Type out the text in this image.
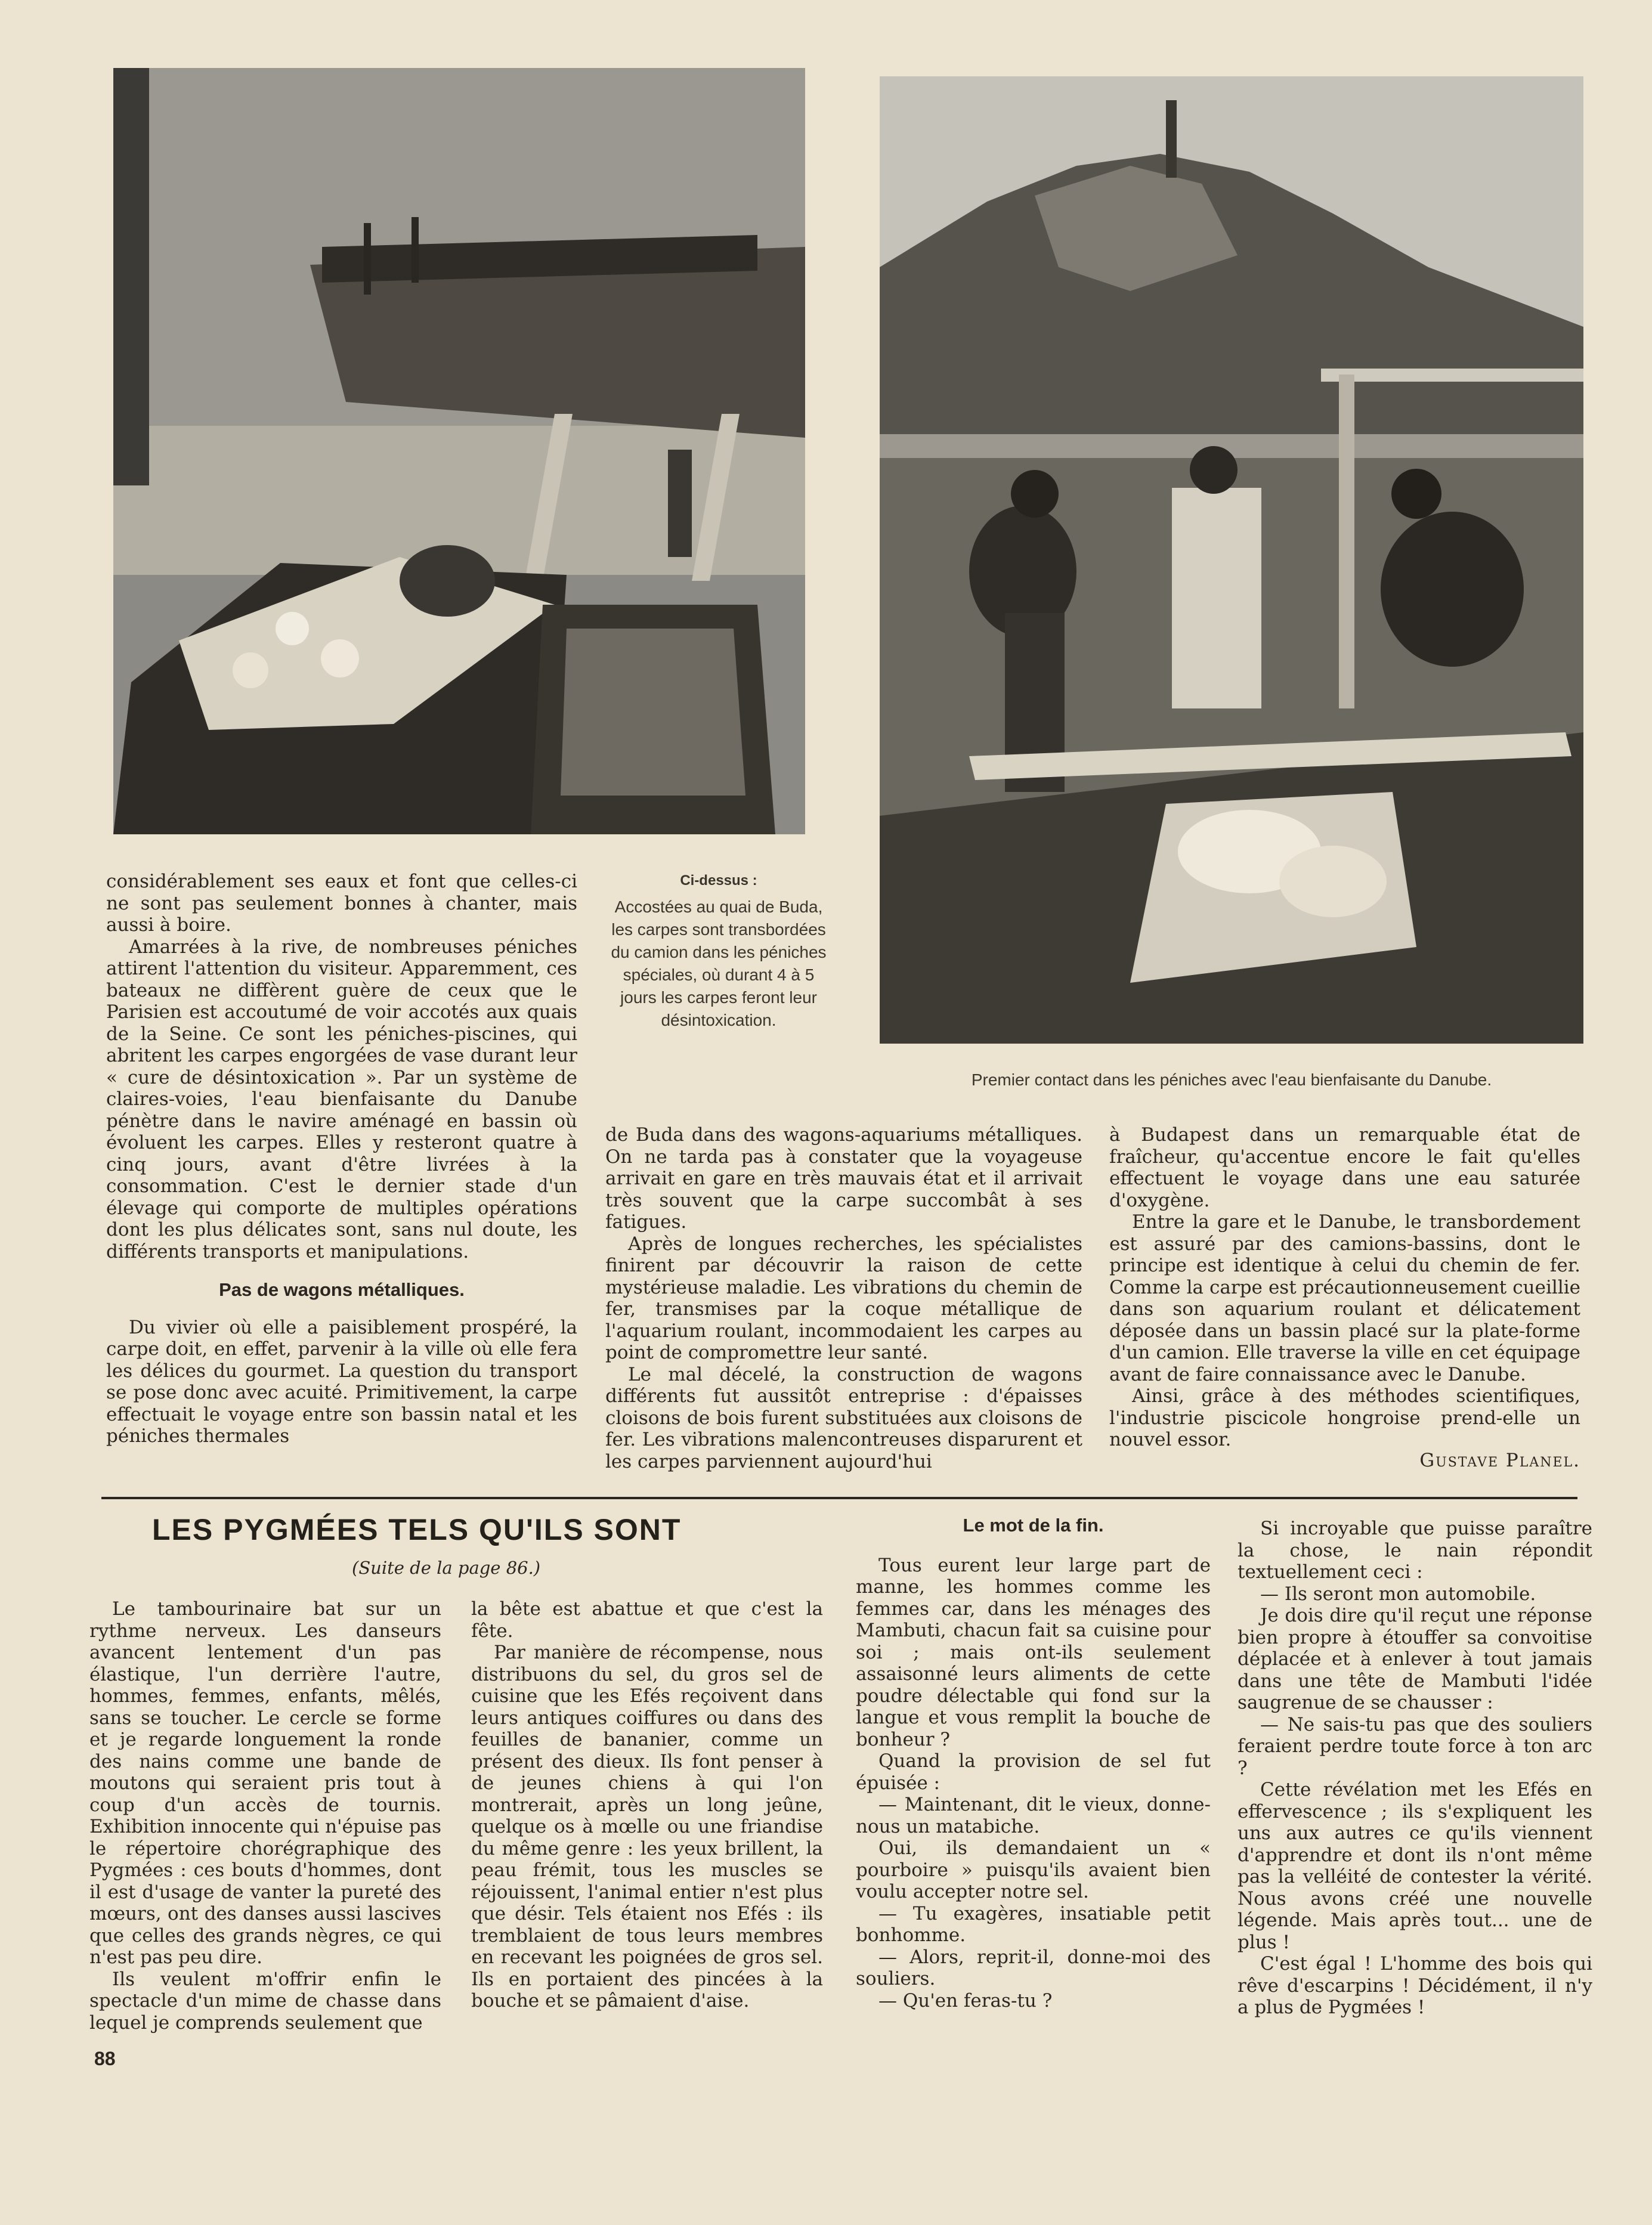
Ci-dessus :
Accostées au quai de Buda, les carpes sont transbordées du camion dans les péniches spéciales, où durant 4 à 5 jours les carpes feront leur désintoxication.
Premier contact dans les péniches avec l'eau bienfaisante du Danube.

considérablement ses eaux et font que celles-ci ne sont pas seulement bonnes à chanter, mais aussi à boire.

Amarrées à la rive, de nombreuses péniches attirent l'attention du visiteur. Apparemment, ces bateaux ne diffèrent guère de ceux que le Parisien est accoutumé de voir accotés aux quais de la Seine. Ce sont les péniches-piscines, qui abritent les carpes engorgées de vase durant leur « cure de désintoxication ». Par un système de claires-voies, l'eau bienfaisante du Danube pénètre dans le navire aménagé en bassin où évoluent les carpes. Elles y resteront quatre à cinq jours, avant d'être livrées à la consommation. C'est le dernier stade d'un élevage qui comporte de multiples opérations dont les plus délicates sont, sans nul doute, les différents transports et manipulations.

Pas de wagons métalliques.

Du vivier où elle a paisiblement prospéré, la carpe doit, en effet, parvenir à la ville où elle fera les délices du gourmet. La question du transport se pose donc avec acuité. Primitivement, la carpe effectuait le voyage entre son bassin natal et les péniches thermales

de Buda dans des wagons-aquariums métalliques. On ne tarda pas à constater que la voyageuse arrivait en gare en très mauvais état et il arrivait très souvent que la carpe succombât à ses fatigues.

Après de longues recherches, les spécialistes finirent par découvrir la raison de cette mystérieuse maladie. Les vibrations du chemin de fer, transmises par la coque métallique de l'aquarium roulant, incommodaient les carpes au point de compromettre leur santé.

Le mal décelé, la construction de wagons différents fut aussitôt entreprise : d'épaisses cloisons de bois furent substituées aux cloisons de fer. Les vibrations malencontreuses disparurent et les carpes parviennent aujourd'hui

à Budapest dans un remarquable état de fraîcheur, qu'accentue encore le fait qu'elles effectuent le voyage dans une eau saturée d'oxygène.

Entre la gare et le Danube, le transbordement est assuré par des camions-bassins, dont le principe est identique à celui du chemin de fer. Comme la carpe est précautionneusement cueillie dans son aquarium roulant et délicatement déposée dans un bassin placé sur la plate-forme d'un camion. Elle traverse la ville en cet équipage avant de faire connaissance avec le Danube.

Ainsi, grâce à des méthodes scientifiques, l'industrie piscicole hongroise prend-elle un nouvel essor.

Gustave Planel.
LES PYGMÉES TELS QU'ILS SONT
(Suite de la page 86.)

Le tambourinaire bat sur un rythme nerveux. Les danseurs avancent lentement d'un pas élastique, l'un derrière l'autre, hommes, femmes, enfants, mêlés, sans se toucher. Le cercle se forme et je regarde longuement la ronde des nains comme une bande de moutons qui seraient pris tout à coup d'un accès de tournis. Exhibition innocente qui n'épuise pas le répertoire chorégraphique des Pygmées : ces bouts d'hommes, dont il est d'usage de vanter la pureté des mœurs, ont des danses aussi lascives que celles des grands nègres, ce qui n'est pas peu dire.

Ils veulent m'offrir enfin le spectacle d'un mime de chasse dans lequel je comprends seulement que

la bête est abattue et que c'est la fête.

Par manière de récompense, nous distribuons du sel, du gros sel de cuisine que les Efés reçoivent dans leurs antiques coiffures ou dans des feuilles de bananier, comme un présent des dieux. Ils font penser à de jeunes chiens à qui l'on montrerait, après un long jeûne, quelque os à mœlle ou une friandise du même genre : les yeux brillent, la peau frémit, tous les muscles se réjouissent, l'animal entier n'est plus que désir. Tels étaient nos Efés : ils tremblaient de tous leurs membres en recevant les poignées de gros sel. Ils en portaient des pincées à la bouche et se pâmaient d'aise.

Le mot de la fin.

Tous eurent leur large part de manne, les hommes comme les femmes car, dans les ménages des Mambuti, chacun fait sa cuisine pour soi ; mais ont-ils seulement assaisonné leurs aliments de cette poudre délectable qui fond sur la langue et vous remplit la bouche de bonheur ?

Quand la provision de sel fut épuisée :

— Maintenant, dit le vieux, donne-nous un matabiche.

Oui, ils demandaient un « pourboire » puisqu'ils avaient bien voulu accepter notre sel.

— Tu exagères, insatiable petit bonhomme.

— Alors, reprit-il, donne-moi des souliers.

— Qu'en feras-tu ?

Si incroyable que puisse paraître la chose, le nain répondit textuellement ceci :

— Ils seront mon automobile.

Je dois dire qu'il reçut une réponse bien propre à étouffer sa convoitise déplacée et à enlever à tout jamais dans une tête de Mambuti l'idée saugrenue de se chausser :

— Ne sais-tu pas que des souliers feraient perdre toute force à ton arc ?

Cette révélation met les Efés en effervescence ; ils s'expliquent les uns aux autres ce qu'ils viennent d'apprendre et dont ils n'ont même pas la velléité de contester la vérité. Nous avons créé une nouvelle légende. Mais après tout... une de plus !

C'est égal ! L'homme des bois qui rêve d'escarpins ! Décidément, il n'y a plus de Pygmées !

88
